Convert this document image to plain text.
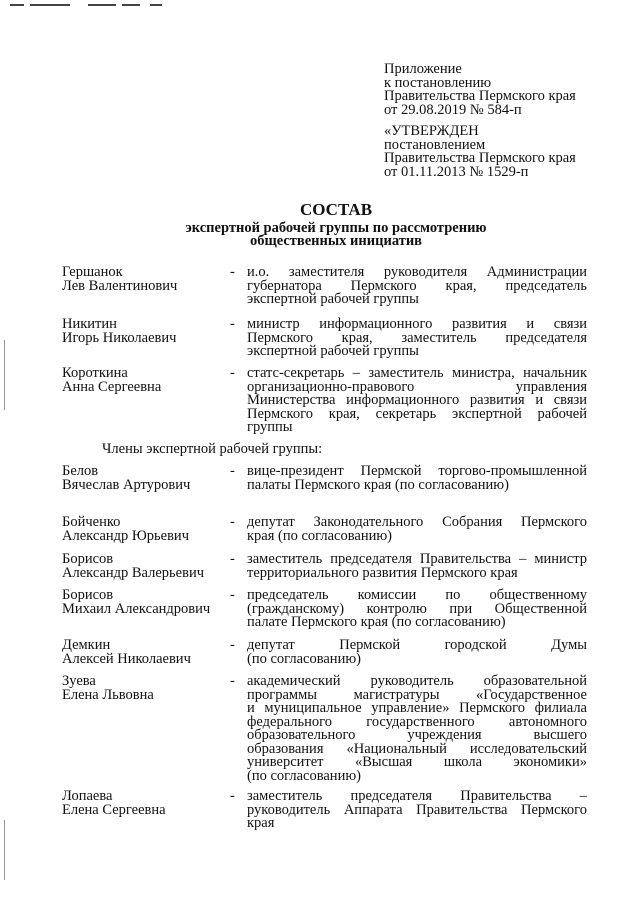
Приложение
к постановлению
Правительства Пермского края
от 29.08.2019 № 584-п
«УТВЕРЖДЕН
постановлением
Правительства Пермского края
от 01.11.2013 № 1529-п
СОСТАВ
экспертной рабочей группы по рассмотрению
общественных инициатив
Гершанок
Лев Валентинович
- и.о. заместителя руководителя Администрации
губернатора Пермского края, председатель
экспертной рабочей группы
Никитин
Игорь Николаевич
- министр информационного развития и связи
Пермского края, заместитель председателя
экспертной рабочей группы
Короткина
Анна Сергеевна
- статс-секретарь – заместитель министра, начальник
организационно-правового управления
Министерства информационного развития и связи
Пермского края, секретарь экспертной рабочей
группы
Члены экспертной рабочей группы:
Белов
Вячеслав Артурович
- вице-президент Пермской торгово-промышленной
палаты Пермского края (по согласованию)
Бойченко
Александр Юрьевич
- депутат Законодательного Собрания Пермского
края (по согласованию)
Борисов
Александр Валерьевич
- заместитель председателя Правительства – министр
территориального развития Пермского края
Борисов
Михаил Александрович
- председатель комиссии по общественному
(гражданскому) контролю при Общественной
палате Пермского края (по согласованию)
Демкин
Алексей Николаевич
- депутат Пермской городской Думы
(по согласованию)
Зуева
Елена Львовна
- академический руководитель образовательной
программы магистратуры «Государственное
и муниципальное управление» Пермского филиала
федерального государственного автономного
образовательного учреждения высшего
образования «Национальный исследовательский
университет «Высшая школа экономики»
(по согласованию)
Лопаева
Елена Сергеевна
- заместитель председателя Правительства –
руководитель Аппарата Правительства Пермского
края
